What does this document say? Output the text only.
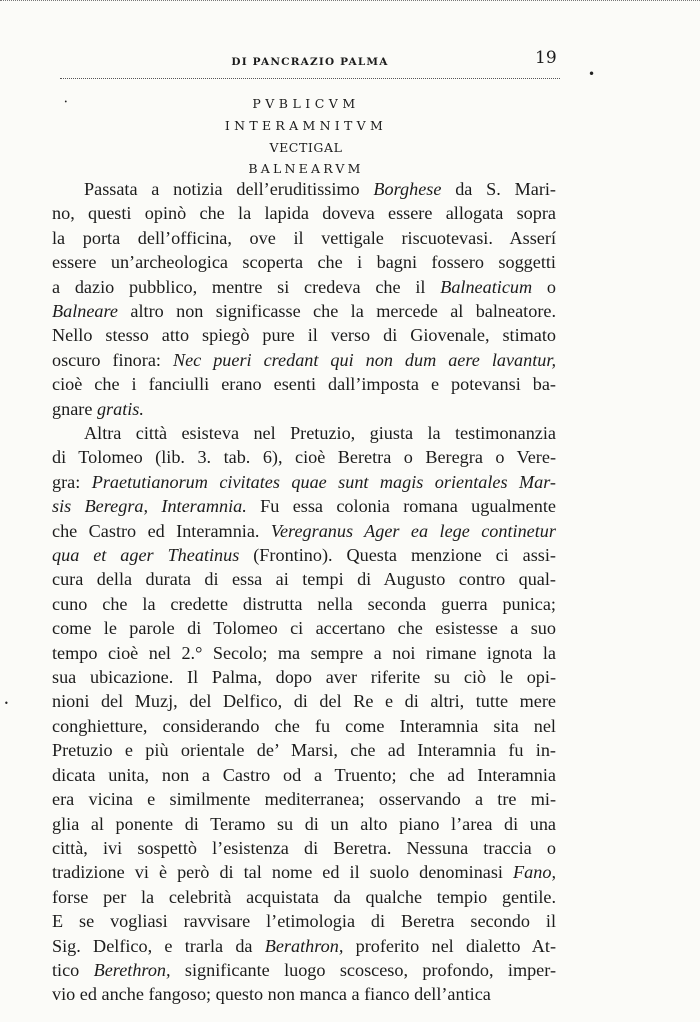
DI PANCRAZIO PALMA	19
•
•
•
PVBLICVM
INTERAMNITVM
VECTIGAL
BALNEARVM
Passata a notizia dell’eruditissimo Borghese da S. Mari-
no, questi opinò che la lapida doveva essere allogata sopra
la porta dell’officina, ove il vettigale riscuotevasi. Asserí
essere un’archeologica scoperta che i bagni fossero soggetti
a dazio pubblico, mentre si credeva che il Balneaticum o
Balneare altro non significasse che la mercede al balneatore.
Nello stesso atto spiegò pure il verso di Giovenale, stimato
oscuro finora: Nec pueri credant qui non dum aere lavantur,
cioè che i fanciulli erano esenti dall’imposta e potevansi ba-
gnare gratis.
Altra città esisteva nel Pretuzio, giusta la testimonanzia
di Tolomeo (lib. 3. tab. 6), cioè Beretra o Beregra o Vere-
gra: Praetutianorum civitates quae sunt magis orientales Mar-
sis Beregra, Interamnia. Fu essa colonia romana ugualmente
che Castro ed Interamnia. Veregranus Ager ea lege continetur
qua et ager Theatinus (Frontino). Questa menzione ci assi-
cura della durata di essa ai tempi di Augusto contro qual-
cuno che la credette distrutta nella seconda guerra punica;
come le parole di Tolomeo ci accertano che esistesse a suo
tempo cioè nel 2.° Secolo; ma sempre a noi rimane ignota la
sua ubicazione. Il Palma, dopo aver riferite su ciò le opi-
nioni del Muzj, del Delfico, di del Re e di altri, tutte mere
conghietture, considerando che fu come Interamnia sita nel
Pretuzio e più orientale de’ Marsi, che ad Interamnia fu in-
dicata unita, non a Castro od a Truento; che ad Interamnia
era vicina e similmente mediterranea; osservando a tre mi-
glia al ponente di Teramo su di un alto piano l’area di una
città, ivi sospettò l’esistenza di Beretra. Nessuna traccia o
tradizione vi è però di tal nome ed il suolo denominasi Fano,
forse per la celebrità acquistata da qualche tempio gentile.
E se vogliasi ravvisare l’etimologia di Beretra secondo il
Sig. Delfico, e trarla da Berathron, proferito nel dialetto At-
tico Berethron, significante luogo scosceso, profondo, imper-
vio ed anche fangoso; questo non manca a fianco dell’antica
